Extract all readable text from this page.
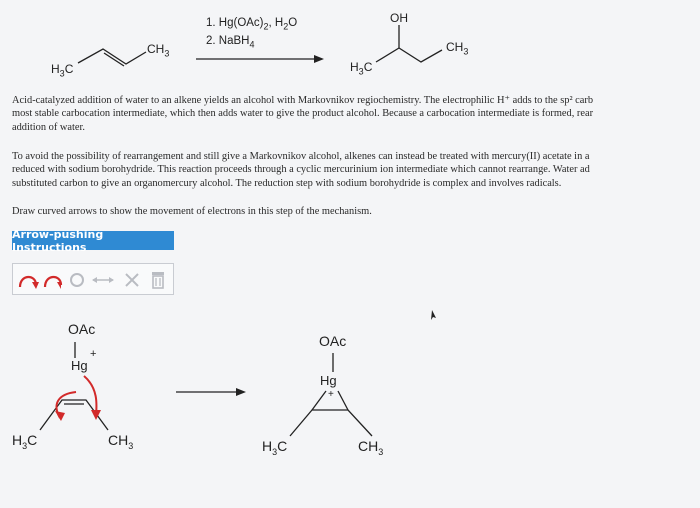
$H_3C$
$CH_3$
1. $Hg(OAc)_2$, $H_2O$
2. NaBH$_4$
OH
$H_3C$
$CH_3$
Acid-catalyzed addition of water to an alkene yields an alcohol with Markovnikov regiochemistry. The electrophilic H⁺ adds to the sp² carb
most stable carbocation intermediate, which then adds water to give the product alcohol. Because a carbocation intermediate is formed, rear
addition of water.
To avoid the possibility of rearrangement and still give a Markovnikov alcohol, alkenes can instead be treated with mercury(II) acetate in a
reduced with sodium borohydride. This reaction proceeds through a cyclic mercurinium ion intermediate which cannot rearrange. Water ad
substituted carbon to give an organomercury alcohol. The reduction step with sodium borohydride is complex and involves radicals.
Draw curved arrows to show the movement of electrons in this step of the mechanism.
Arrow-pushing Instructions
OAc
Hg
+
$H_3C$	$CH_3$
OAc
Hg
+
$H_3C$	$CH_3$
